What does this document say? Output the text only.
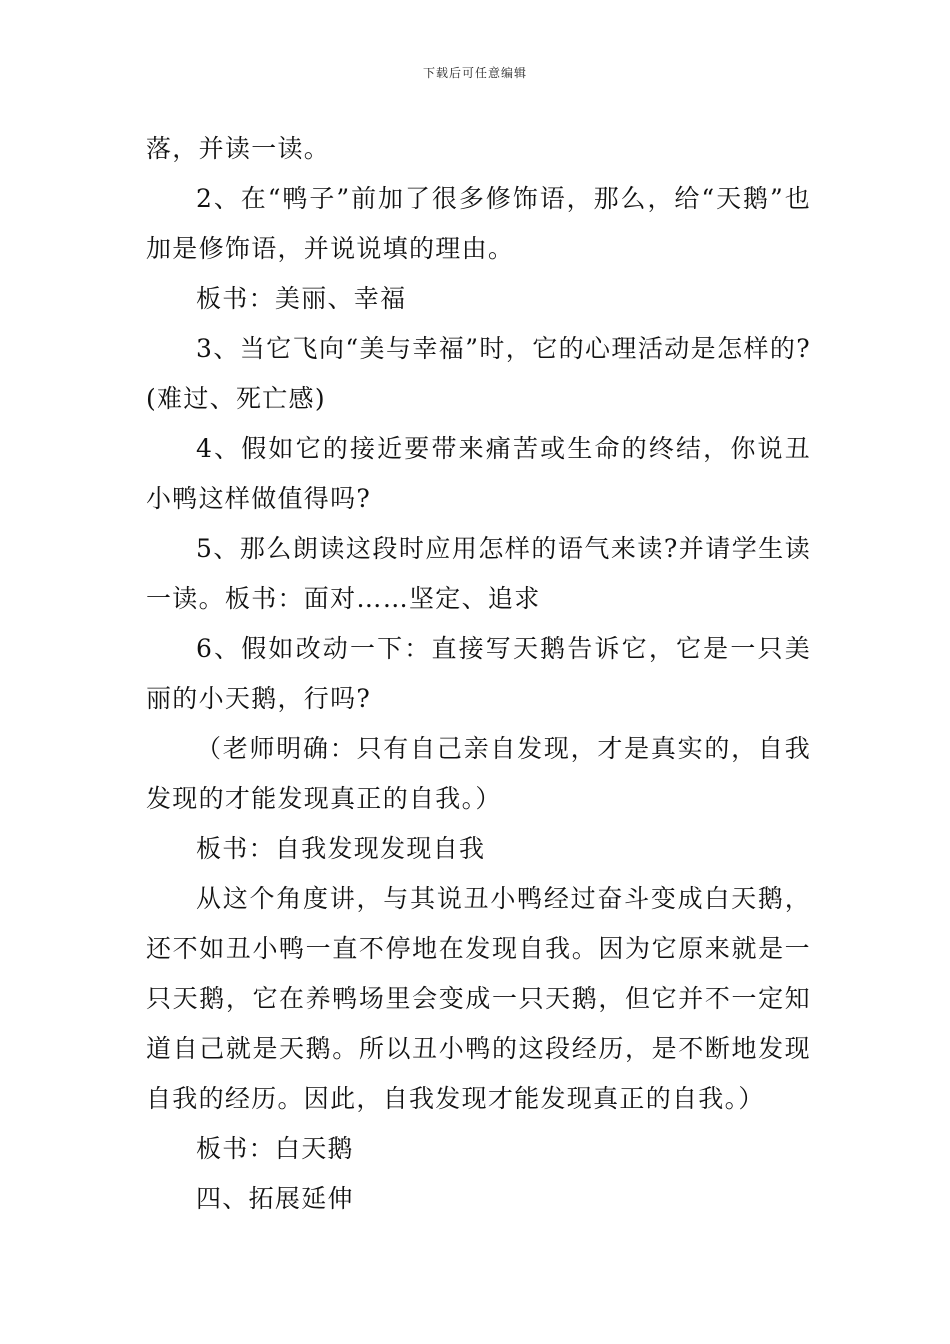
下载后可任意编辑

落，并读一读。

2、在“鸭子”前加了很多修饰语，那么，给“天鹅”也加是修饰语，并说说填的理由。

板书：美丽、幸福

3、当它飞向“美与幸福”时，它的心理活动是怎样的?(难过、死亡感)

4、假如它的接近要带来痛苦或生命的终结，你说丑小鸭这样做值得吗?

5、那么朗读这段时应用怎样的语气来读?并请学生读一读。板书：面对……坚定、追求

6、假如改动一下：直接写天鹅告诉它，它是一只美丽的小天鹅，行吗?

（老师明确：只有自己亲自发现，才是真实的，自我发现的才能发现真正的自我。）

板书：自我发现发现自我

从这个角度讲，与其说丑小鸭经过奋斗变成白天鹅，还不如丑小鸭一直不停地在发现自我。因为它原来就是一只天鹅，它在养鸭场里会变成一只天鹅，但它并不一定知道自己就是天鹅。所以丑小鸭的这段经历，是不断地发现自我的经历。因此，自我发现才能发现真正的自我。）

板书：白天鹅

四、拓展延伸
